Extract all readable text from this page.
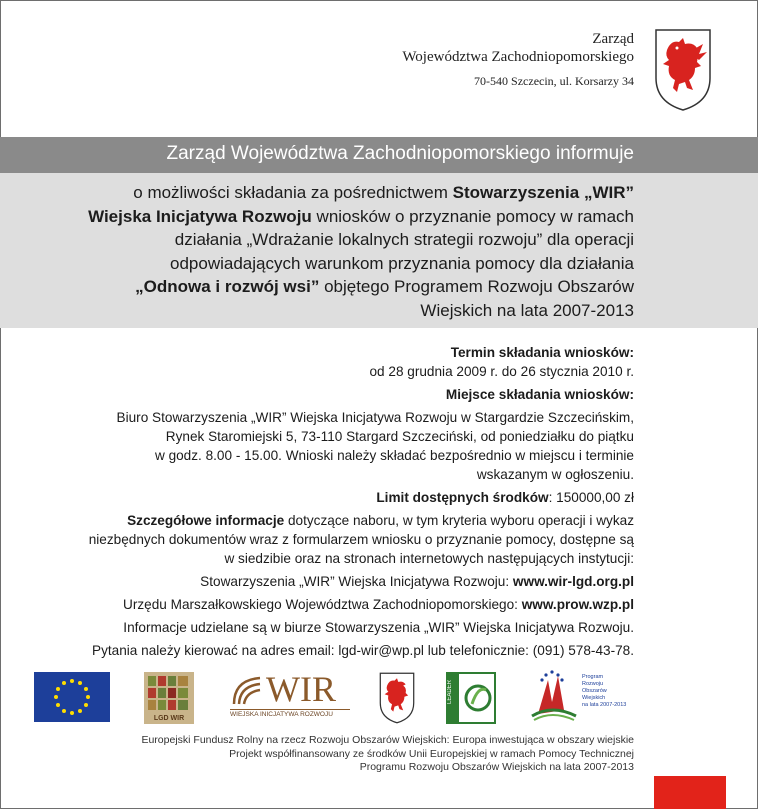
Zarząd
Województwa Zachodniopomorskiego
70-540 Szczecin, ul. Korsarzy 34
Zarząd Województwa Zachodniopomorskiego informuje
o możliwości składania za pośrednictwem Stowarzyszenia „WIR”
Wiejska Inicjatywa Rozwoju wniosków o przyznanie pomocy w ramach
działania „Wdrażanie lokalnych strategii rozwoju” dla operacji
odpowiadających warunkom przyznania pomocy dla działania
„Odnowa i rozwój wsi” objętego Programem Rozwoju Obszarów
Wiejskich na lata 2007-2013

Termin składania wniosków:

od 28 grudnia 2009 r. do 26 stycznia 2010 r.

Miejsce składania wniosków:

Biuro Stowarzyszenia „WIR” Wiejska Inicjatywa Rozwoju w Stargardzie Szczecińskim,

Rynek Staromiejski 5, 73-110 Stargard Szczeciński, od poniedziałku do piątku

w godz. 8.00 - 15.00. Wnioski należy składać bezpośrednio w miejscu i terminie

wskazanym w ogłoszeniu.

Limit dostępnych środków: 150000,00 zł

Szczegółowe informacje dotyczące naboru, w tym kryteria wyboru operacji i wykaz

niezbędnych dokumentów wraz z formularzem wniosku o przyznanie pomocy, dostępne są

w siedzibie oraz na stronach internetowych następujących instytucji:

Stowarzyszenia „WIR” Wiejska Inicjatywa Rozwoju: www.wir-lgd.org.pl

Urzędu Marszałkowskiego Województwa Zachodniopomorskiego: www.prow.wzp.pl

Informacje udzielane są w biurze Stowarzyszenia „WIR” Wiejska Inicjatywa Rozwoju.

Pytania należy kierować na adres email: lgd-wir@wp.pl lub telefonicznie: (091) 578-43-78.

LGD WIR
WIR
WIEJSKA INICJATYWA ROZWOJU
LEADER
Program
Rozwoju
Obszarów
Wiejskich
na lata 2007-2013
Europejski Fundusz Rolny na rzecz Rozwoju Obszarów Wiejskich: Europa inwestująca w obszary wiejskie
Projekt współfinansowany ze środków Unii Europejskiej w ramach Pomocy Technicznej
Programu Rozwoju Obszarów Wiejskich na lata 2007-2013
